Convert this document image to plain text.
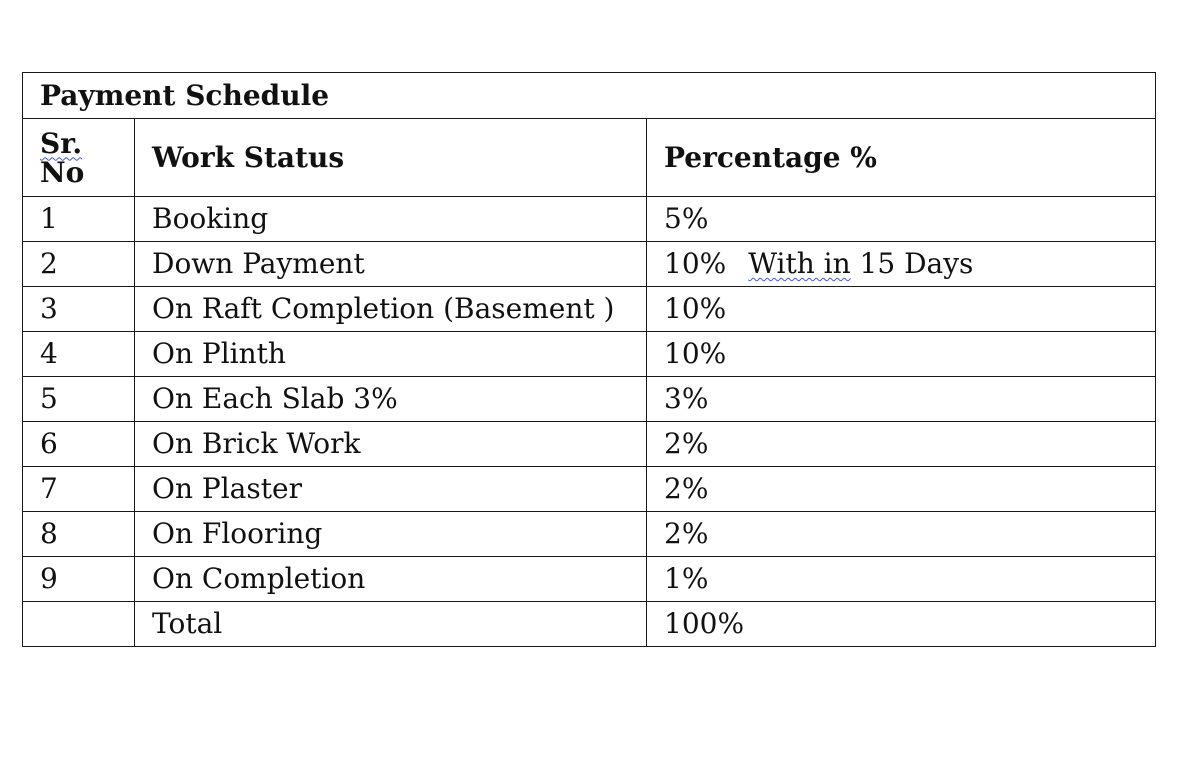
Payment Schedule		

Sr.
No	Work Status	Percentage %
1	Booking	5%
2	Down Payment	10% With in 15 Days
3	On Raft Completion (Basement )	10%
4	On Plinth	10%
5	On Each Slab 3%	3%
6	On Brick Work	2%
7	On Plaster	2%
8	On Flooring	2%
9	On Completion	1%
	Total	100%
